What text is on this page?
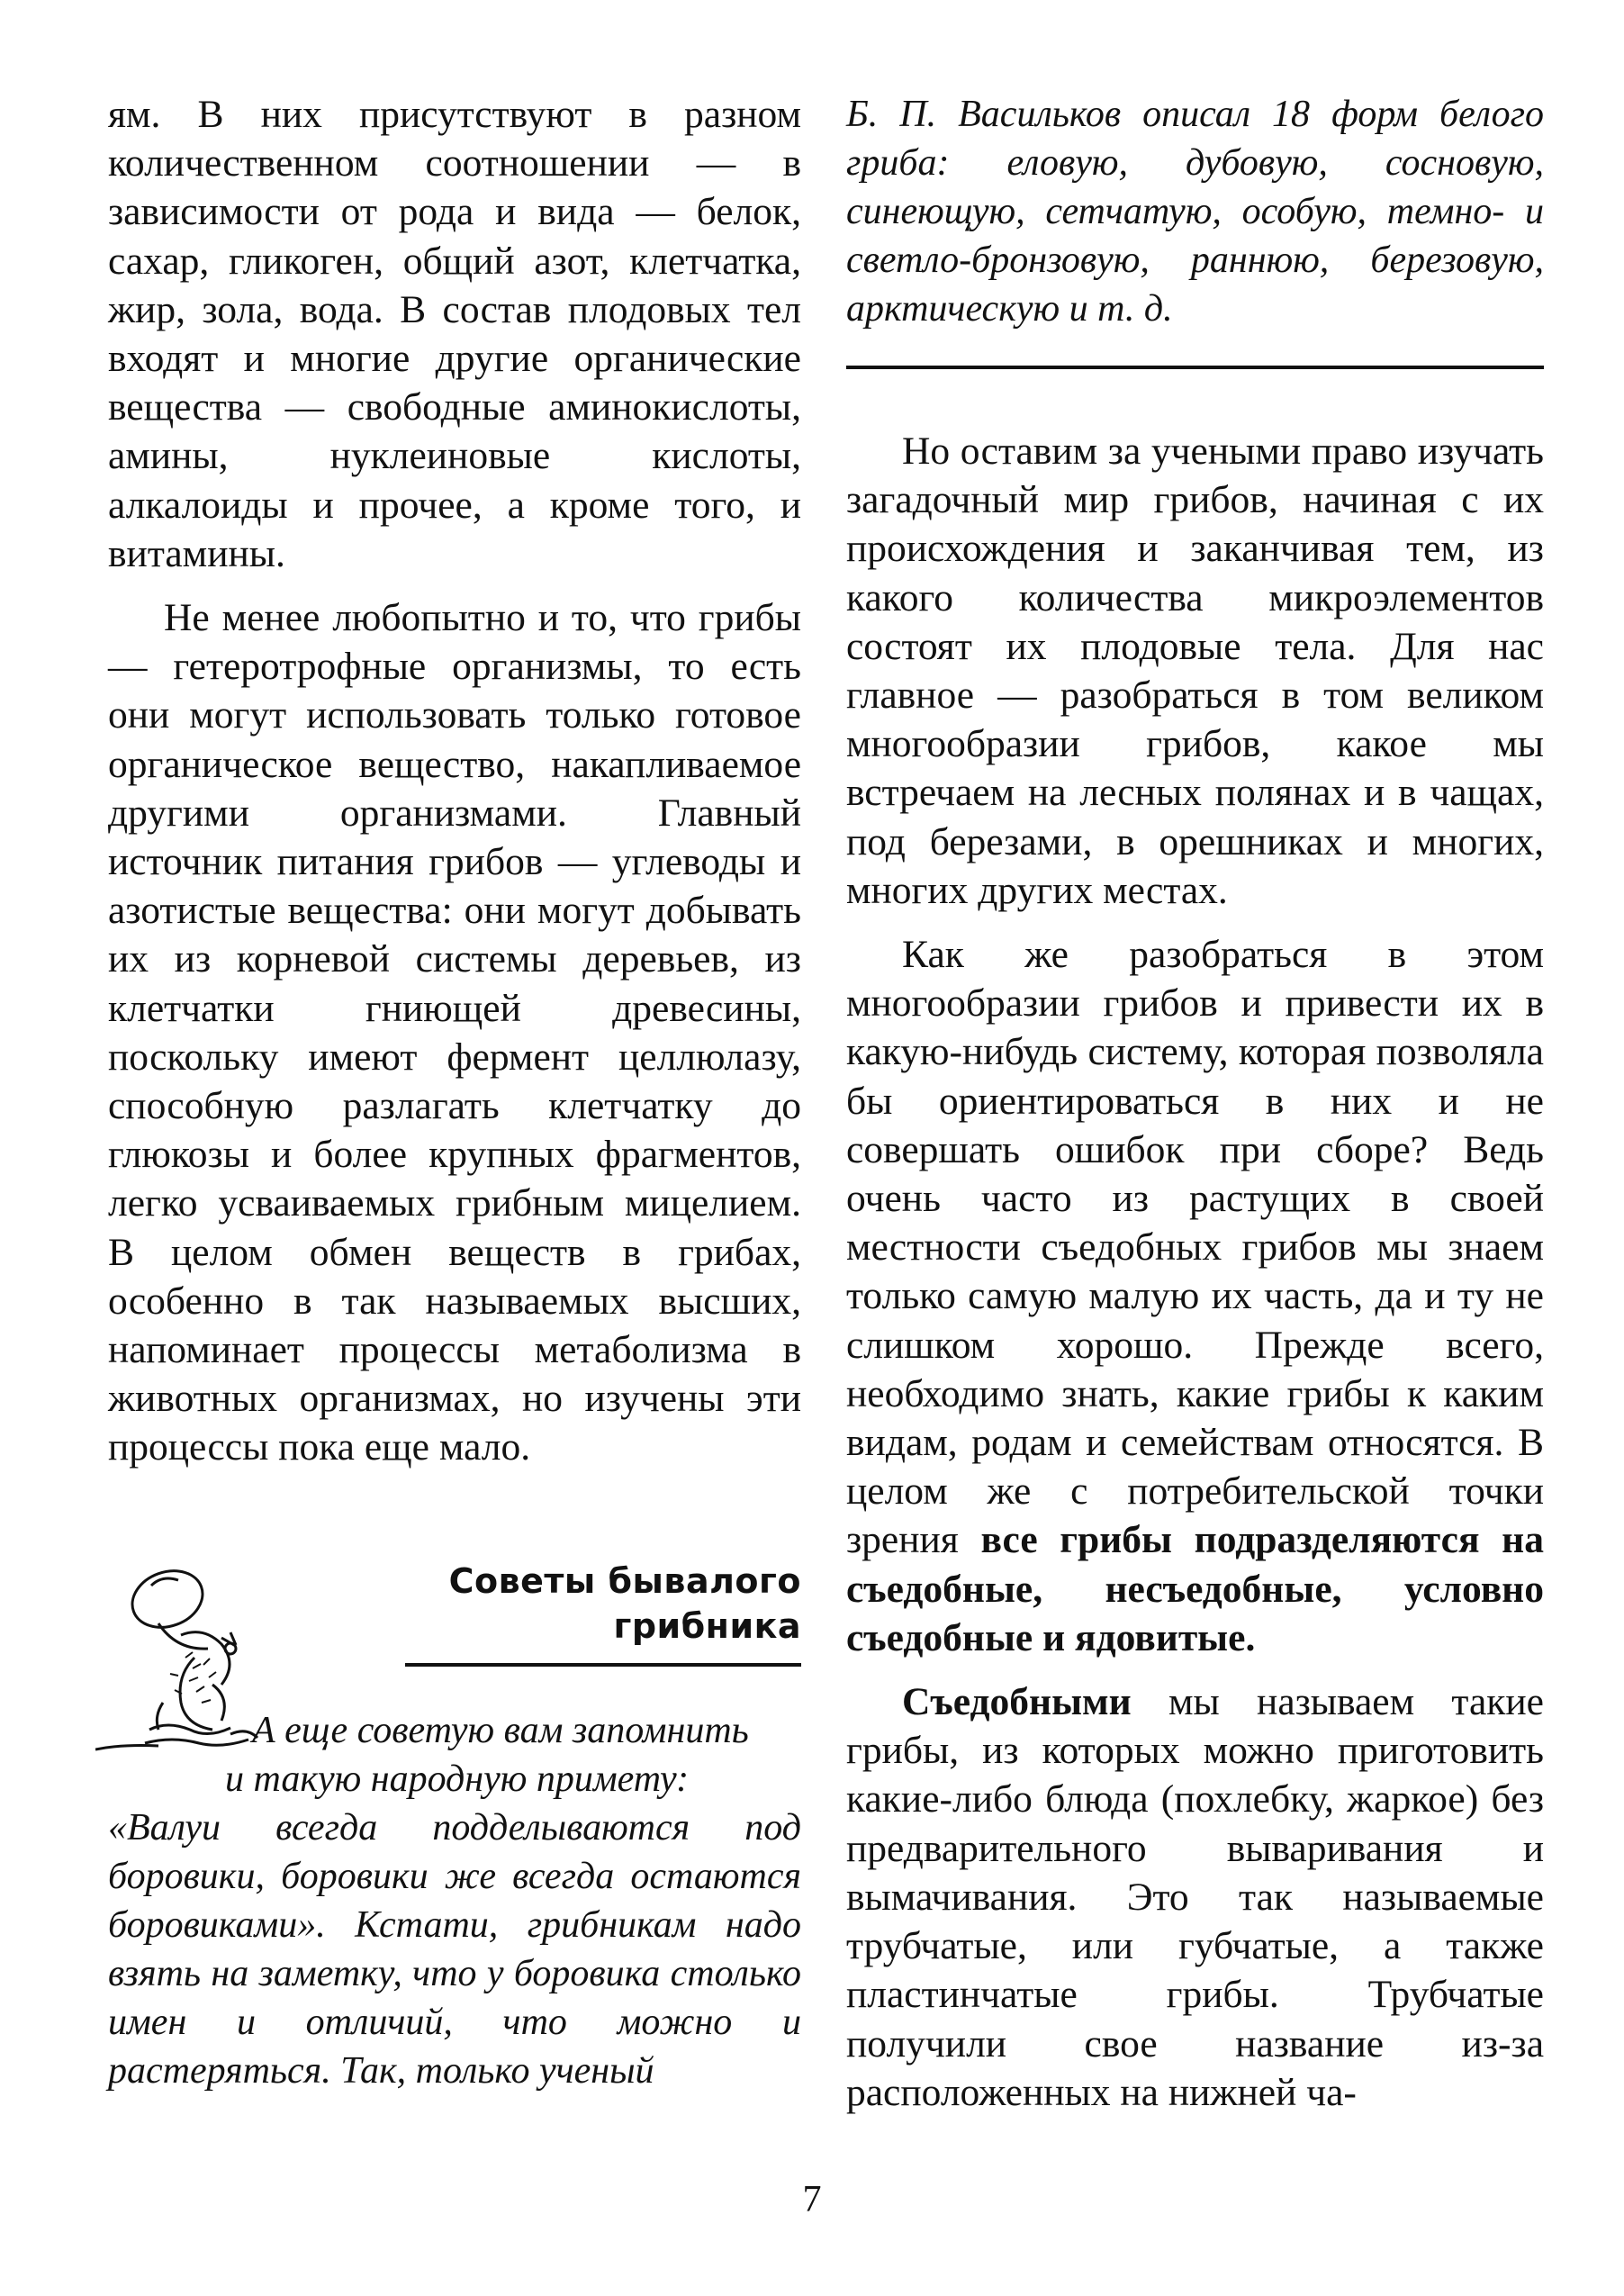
ям. В них присутствуют в разном количественном соотношении — в зависимости от рода и вида — белок, сахар, гликоген, общий азот, клетчатка, жир, зола, вода. В состав плодовых тел входят и многие другие органические вещества — свободные аминокислоты, амины, нуклеиновые кислоты, алкалоиды и прочее, а кроме того, и витамины.

Не менее любопытно и то, что грибы — гетеротрофные организмы, то есть они могут использовать только готовое органическое вещество, накапливаемое другими организмами. Главный источник питания грибов — углеводы и азотистые вещества: они могут добывать их из корневой системы деревьев, из клетчатки гниющей древесины, поскольку имеют фермент целлюлазу, способную разлагать клетчатку до глюкозы и более крупных фрагментов, легко усваиваемых грибным мицелием. В целом обмен веществ в грибах, особенно в так называемых высших, напоминает процессы метаболизма в животных организмах, но изучены эти процессы пока еще мало.

Советы бывалого
грибника
А еще советую вам запомнить
и такую народную примету:
«Валуи всегда подделываются под боровики, боровики же всегда остаются боровиками». Кстати, грибникам надо взять на заметку, что у боровика столько имен и отличий, что можно и растеряться. Так, только ученый

Б. П. Васильков описал 18 форм белого гриба: еловую, дубовую, сосновую, синеющую, сетчатую, особую, темно- и светло-бронзовую, раннюю, березовую, арктическую и т. д.

Но оставим за учеными право изучать загадочный мир грибов, начиная с их происхождения и заканчивая тем, из какого количества микроэлементов состоят их плодовые тела. Для нас главное — разобраться в том великом многообразии грибов, какое мы встречаем на лесных полянах и в чащах, под березами, в орешниках и многих, многих других местах.

Как же разобраться в этом многообразии грибов и привести их в какую-нибудь систему, которая позволяла бы ориентироваться в них и не совершать ошибок при сборе? Ведь очень часто из растущих в своей местности съедобных грибов мы знаем только самую малую их часть, да и ту не слишком хорошо. Прежде всего, необходимо знать, какие грибы к каким видам, родам и семействам относятся. В целом же с потребительской точки зрения все грибы подразделяются на съедобные, несъедобные, условно съедобные и ядовитые.

Съедобными мы называем такие грибы, из которых можно приготовить какие-либо блюда (похлебку, жаркое) без предварительного вываривания и вымачивания. Это так называемые трубчатые, или губчатые, а также пластинчатые грибы. Трубчатые получили свое название из-за расположенных на нижней ча-

7
